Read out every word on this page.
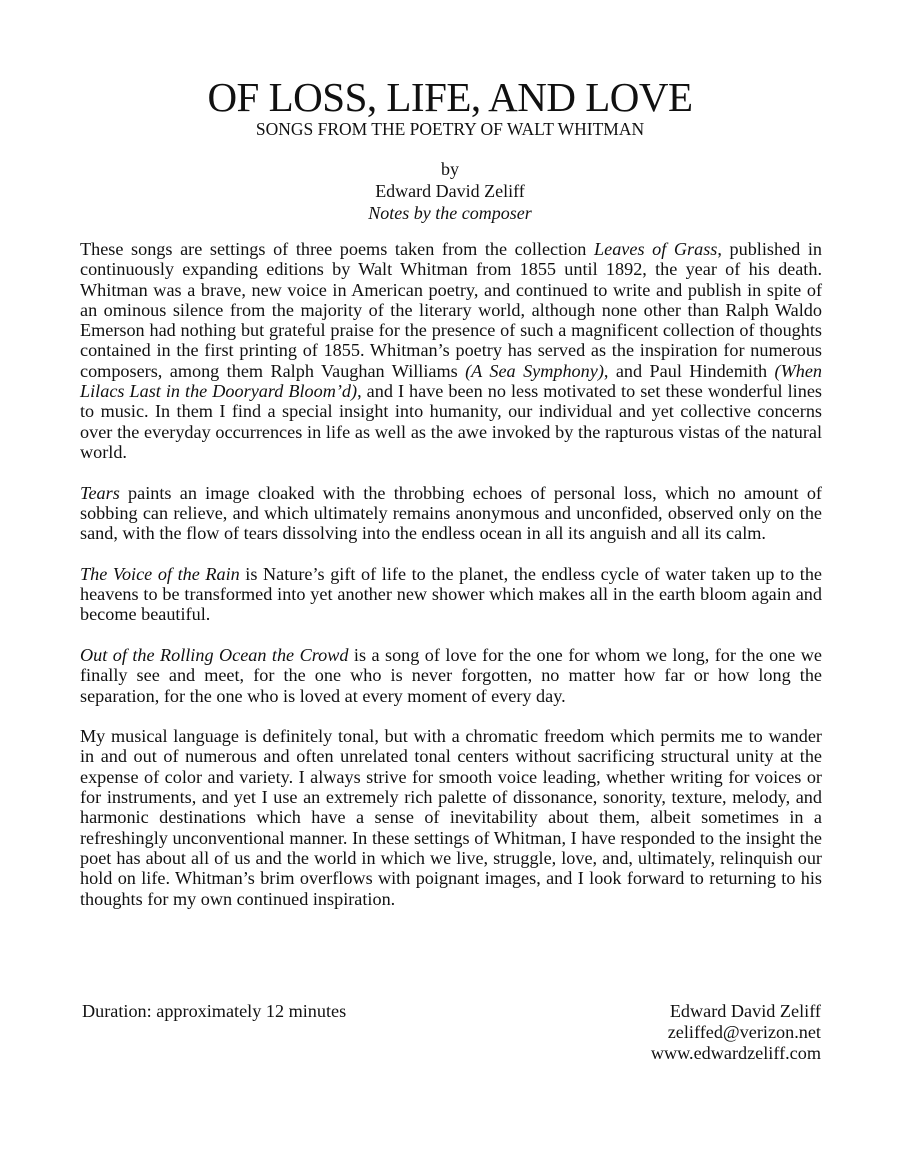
OF LOSS, LIFE, AND LOVE
SONGS FROM THE POETRY OF WALT WHITMAN
by
Edward David Zeliff
Notes by the composer

These songs are settings of three poems taken from the collection Leaves of Grass, published in continuously expanding editions by Walt Whitman from 1855 until 1892, the year of his death. Whitman was a brave, new voice in American poetry, and continued to write and publish in spite of an ominous silence from the majority of the literary world, although none other than Ralph Waldo Emerson had nothing but grateful praise for the presence of such a magnificent collection of thoughts contained in the first printing of 1855. Whitman’s poetry has served as the inspiration for numerous composers, among them Ralph Vaughan Williams (A Sea Symphony), and Paul Hindemith (When Lilacs Last in the Dooryard Bloom’d), and I have been no less motivated to set these wonderful lines to music. In them I find a special insight into humanity, our individual and yet collective concerns over the everyday occurrences in life as well as the awe invoked by the rapturous vistas of the natural world.

Tears paints an image cloaked with the throbbing echoes of personal loss, which no amount of sobbing can relieve, and which ultimately remains anonymous and unconfided, observed only on the sand, with the flow of tears dissolving into the endless ocean in all its anguish and all its calm.

The Voice of the Rain is Nature’s gift of life to the planet, the endless cycle of water taken up to the heavens to be transformed into yet another new shower which makes all in the earth bloom again and become beautiful.

Out of the Rolling Ocean the Crowd is a song of love for the one for whom we long, for the one we finally see and meet, for the one who is never forgotten, no matter how far or how long the separation, for the one who is loved at every moment of every day.

My musical language is definitely tonal, but with a chromatic freedom which permits me to wander in and out of numerous and often unrelated tonal centers without sacrificing structural unity at the expense of color and variety. I always strive for smooth voice leading, whether writing for voices or for instruments, and yet I use an extremely rich palette of dissonance, sonority, texture, melody, and harmonic destinations which have a sense of inevitability about them, albeit sometimes in a refreshingly unconventional manner. In these settings of Whitman, I have responded to the insight the poet has about all of us and the world in which we live, struggle, love, and, ultimately, relinquish our hold on life. Whitman’s brim overflows with poignant images, and I look forward to returning to his thoughts for my own continued inspiration.

Duration: approximately 12 minutes	Edward David Zeliff
zeliffed@verizon.net
www.edwardzeliff.com
